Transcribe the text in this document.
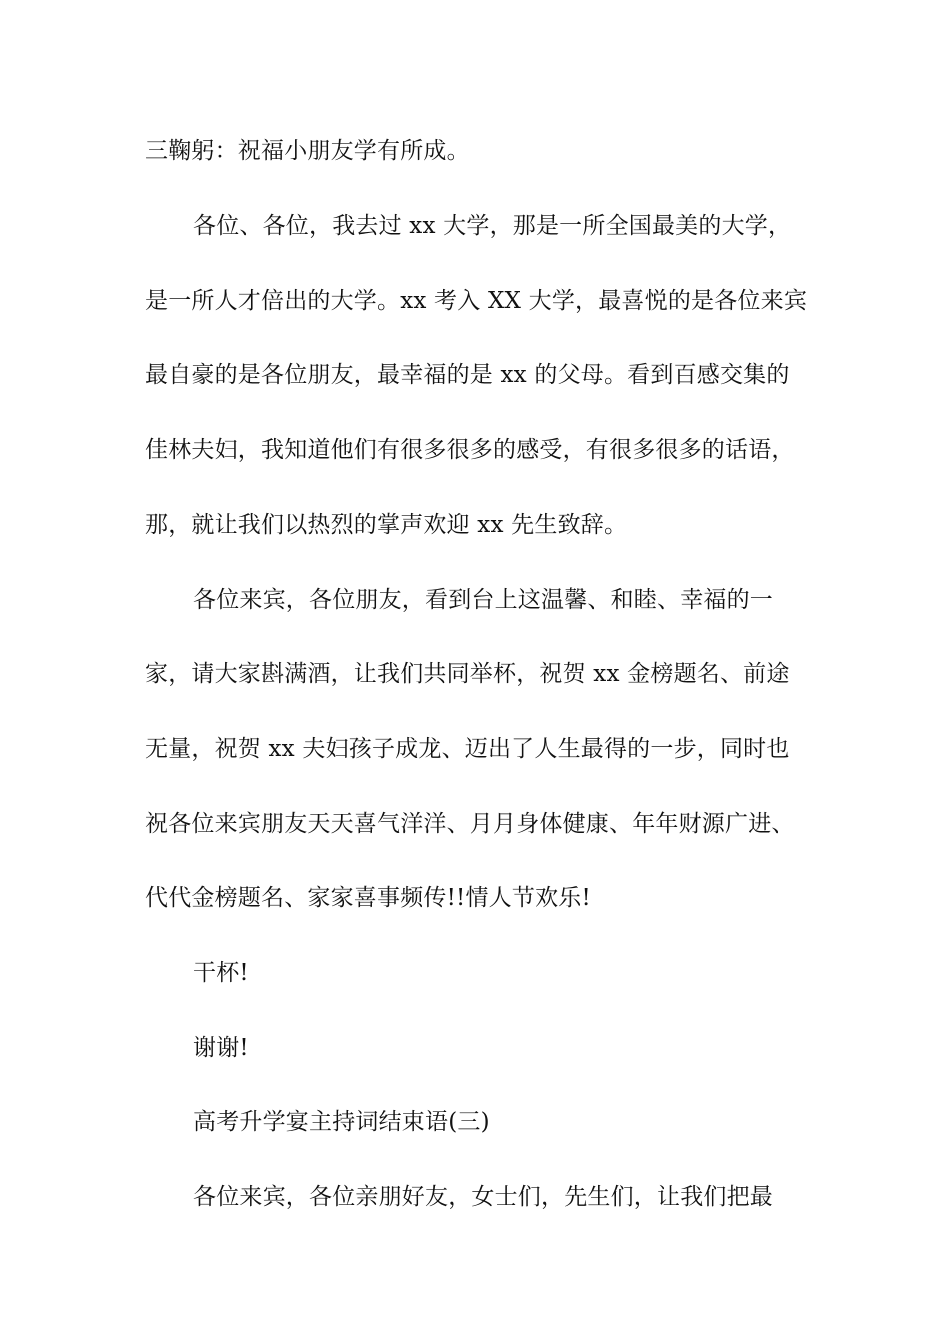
三鞠躬：祝福小朋友学有所成。
各位、各位，我去过 xx 大学，那是一所全国最美的大学，
是一所人才倍出的大学。xx 考入 XX 大学，最喜悦的是各位来宾
最自豪的是各位朋友，最幸福的是 xx 的父母。看到百感交集的
佳林夫妇，我知道他们有很多很多的感受，有很多很多的话语，
那，就让我们以热烈的掌声欢迎 xx 先生致辞。
各位来宾，各位朋友，看到台上这温馨、和睦、幸福的一
家，请大家斟满酒，让我们共同举杯，祝贺 xx 金榜题名、前途
无量，祝贺 xx 夫妇孩子成龙、迈出了人生最得的一步，同时也
祝各位来宾朋友天天喜气洋洋、月月身体健康、年年财源广进、
代代金榜题名、家家喜事频传!!情人节欢乐!
干杯!
谢谢!
高考升学宴主持词结束语(三)
各位来宾，各位亲朋好友，女士们，先生们，让我们把最
